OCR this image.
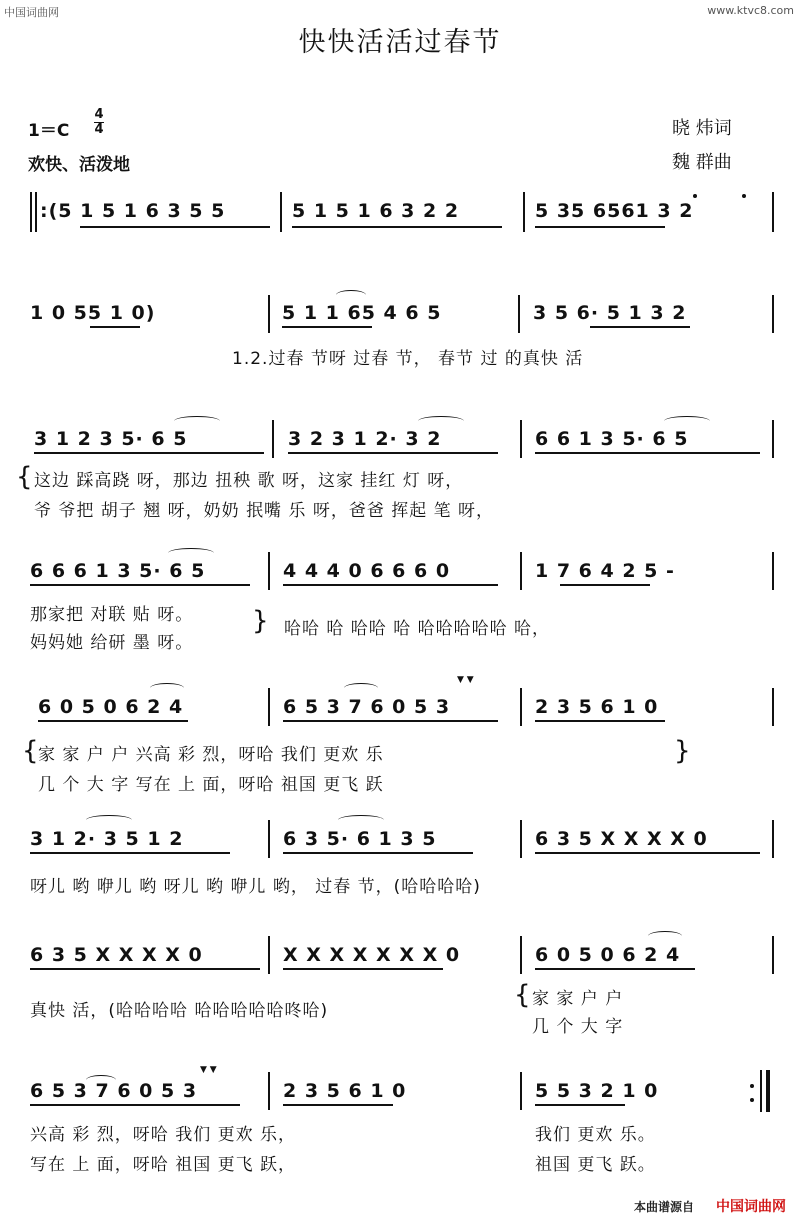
中国词曲网	www.ktvc8.com
快快活活过春节
1＝C
4
4
欢快、活泼地
晓 炜词
魏 群曲
:(5 1 5 1 6 3 5 5	5 1 5 1 6 3 2 2	5 35 6561 3 2
1 0 55 1 0)	5 1 1 65 4 6 5	3 5 6· 5 1 3 2
1.2.过春 节呀 过春 节， 春节 过 的真快 活
3 1 2 3 5· 6 5	3 2 3 1 2· 3 2	6 6 1 3 5· 6 5
{ 这边 踩高跷 呀，那边 扭秧 歌 呀，这家 挂红 灯 呀，
爷 爷把 胡子 翘 呀，奶奶 抿嘴 乐 呀，爸爸 挥起 笔 呀，
6 6 6 1 3 5· 6 5	4 4 4 0 6 6 6 0	1 7 6 4 2 5 -
那家把 对联 贴 呀。
妈妈她 给研 墨 呀。
} 哈哈 哈 哈哈 哈 哈哈哈哈哈 哈，
6 0 5 0 6 2 4	6 5 3 7 6 0 5 3	2 3 5 6 1 0
▼ ▼
{ 家 家 户 户 兴高 彩 烈，呀哈 我们 更欢 乐
几 个 大 字 写在 上 面，呀哈 祖国 更飞 跃
}
3 1 2· 3 5 1 2	6 3 5· 6 1 3 5	6 3 5 X X X X 0
呀儿 哟 咿儿 哟 呀儿 哟 咿儿 哟， 过春 节，(哈哈哈哈)
6 3 5 X X X X 0	X X X X X X X 0	6 0 5 0 6 2 4
真快 活，(哈哈哈哈 哈哈哈哈哈咚哈)
{ 家 家 户 户
几 个 大 字
6 5 3 7 6 0 5 3	2 3 5 6 1 0	5 5 3 2 1 0
▼ ▼
兴高 彩 烈，呀哈 我们 更欢 乐，
写在 上 面，呀哈 祖国 更飞 跃，
我们 更欢 乐。
祖国 更飞 跃。
本曲谱源自 中国词曲网
